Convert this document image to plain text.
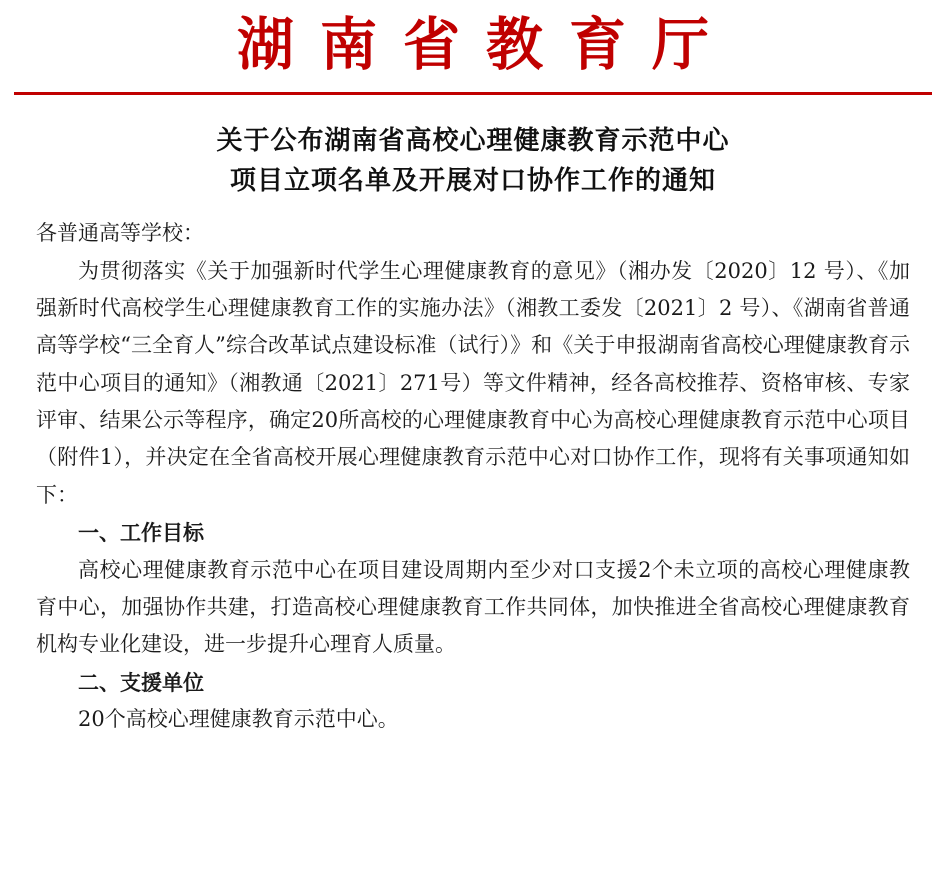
湖南省教育厅
关于公布湖南省高校心理健康教育示范中心
项目立项名单及开展对口协作工作的通知

各普通高等学校：

为贯彻落实《关于加强新时代学生心理健康教育的意见》（湘办发〔2020〕12 号）、《加强新时代高校学生心理健康教育工作的实施办法》（湘教工委发〔2021〕2 号）、《湖南省普通高等学校“三全育人”综合改革试点建设标准（试行）》和《关于申报湖南省高校心理健康教育示范中心项目的通知》（湘教通〔2021〕271号）等文件精神，经各高校推荐、资格审核、专家评审、结果公示等程序，确定20所高校的心理健康教育中心为高校心理健康教育示范中心项目（附件1），并决定在全省高校开展心理健康教育示范中心对口协作工作，现将有关事项通知如下：

一、工作目标

高校心理健康教育示范中心在项目建设周期内至少对口支援2个未立项的高校心理健康教育中心，加强协作共建，打造高校心理健康教育工作共同体，加快推进全省高校心理健康教育机构专业化建设，进一步提升心理育人质量。

二、支援单位

20个高校心理健康教育示范中心。
